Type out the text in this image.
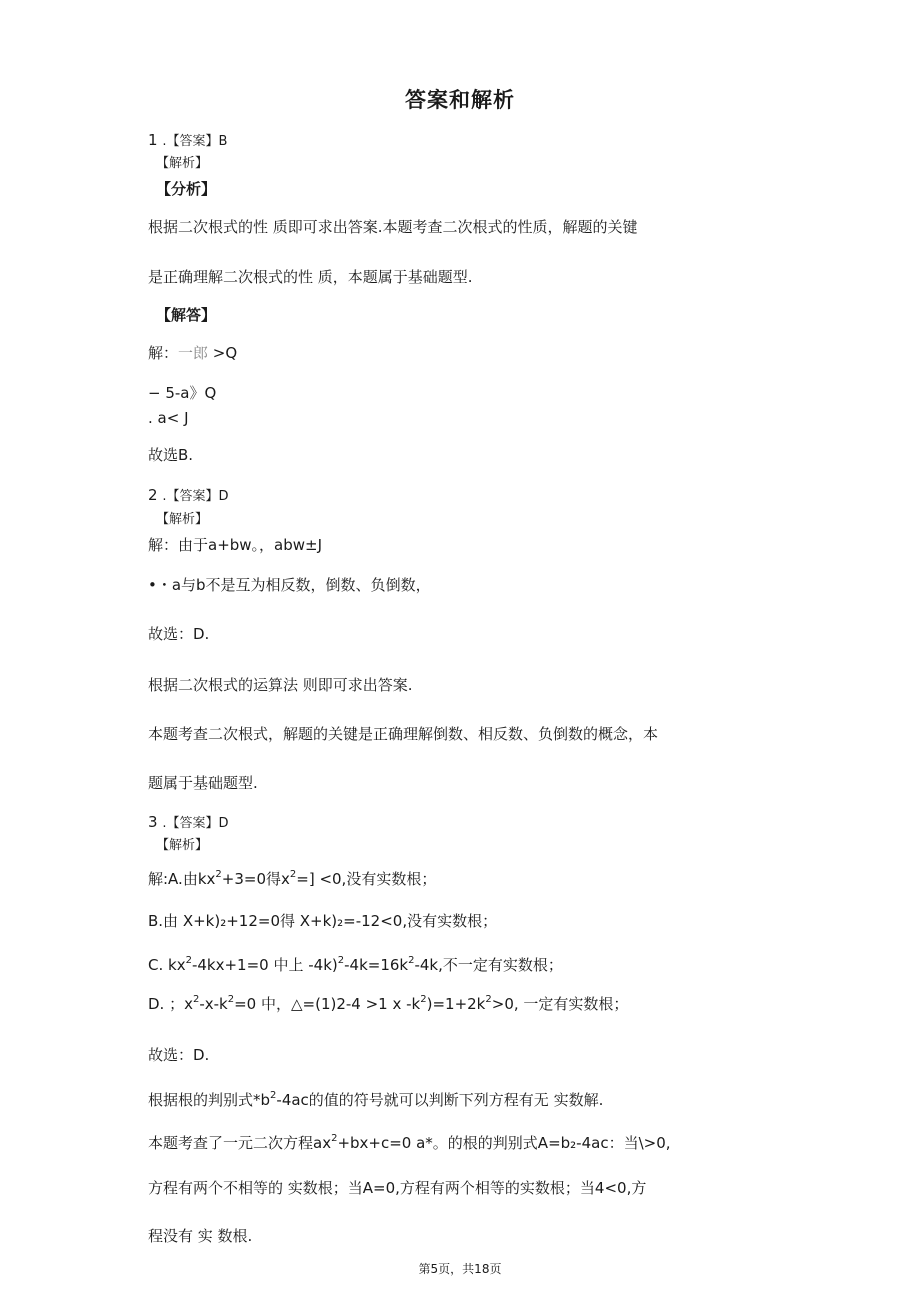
答案和解析
1 .【答案】B
【解析】
【分析】
根据二次根式的性 质即可求出答案.本题考查二次根式的性质，解题的关键
是正确理解二次根式的性 质，本题属于基础题型.
【解答】
解：一郎 >Q
− 5-a》Q
. a< J
故选B.
2 .【答案】D
【解析】
解：由于a+bw。，abw±J
•・a与b不是互为相反数，倒数、负倒数，
故选：D.
根据二次根式的运算法 则即可求出答案.
本题考查二次根式，解题的关键是正确理解倒数、相反数、负倒数的概念，本
题属于基础题型.
3 .【答案】D
【解析】
解:A.由$kx^2+3=0$得$x^2=] <0$,没有实数根；
B.由 X+k)₂+12=0得 X+k)₂=-12<0,没有实数根；
C. $kx^2-4kx+1=0$ 中上 $-4k)^2-4k=16k^2-4k$,不一定有实数根；
D. ；$x^2-x-k^2=0$ 中，△=(1)2-4 >1 x $-k^2)=1+2k^2>0$, 一定有实数根；
故选：D.
根据根的判别式$*b^2-4ac$的值的符号就可以判断下列方程有无 实数解.
本题考查了一元二次方程$ax^2+bx+c=0$ a*。的根的判别式A=b₂-4ac：当\>0,
方程有两个不相等的 实数根；当A=0,方程有两个相等的实数根；当4<0,方
程没有 实 数根.
第5页，共18页
